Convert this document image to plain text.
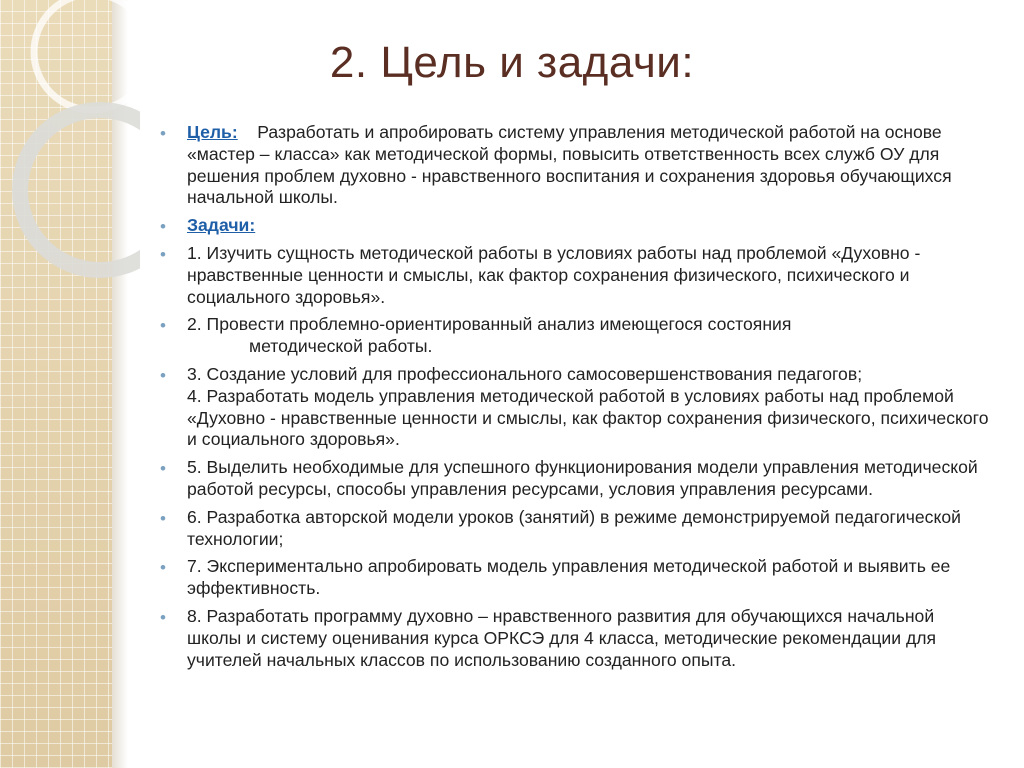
2. Цель и задачи:
• Цель: Разработать и апробировать систему управления методической работой на основе «мастер – класса» как методической формы, повысить ответственность всех служб ОУ для решения проблем духовно - нравственного воспитания и сохранения здоровья обучающихся начальной школы.
• Задачи:
• 1. Изучить сущность методической работы в условиях работы над проблемой «Духовно - нравственные ценности и смыслы, как фактор сохранения физического, психического и социального здоровья».
• 2. Провести проблемно-ориентированный анализ имеющегося состояния
методической работы.
• 3. Создание условий для профессионального самосовершенствования педагогов;
4. Разработать модель управления методической работой в условиях работы над проблемой «Духовно - нравственные ценности и смыслы, как фактор сохранения физического, психического и социального здоровья».
• 5. Выделить необходимые для успешного функционирования модели управления методической работой ресурсы, способы управления ресурсами, условия управления ресурсами.
• 6. Разработка авторской модели уроков (занятий) в режиме демонстрируемой педагогической технологии;
• 7. Экспериментально апробировать модель управления методической работой и выявить ее эффективность.
• 8. Разработать программу духовно – нравственного развития для обучающихся начальной школы и систему оценивания курса ОРКСЭ для 4 класса, методические рекомендации для учителей начальных классов по использованию созданного опыта.
